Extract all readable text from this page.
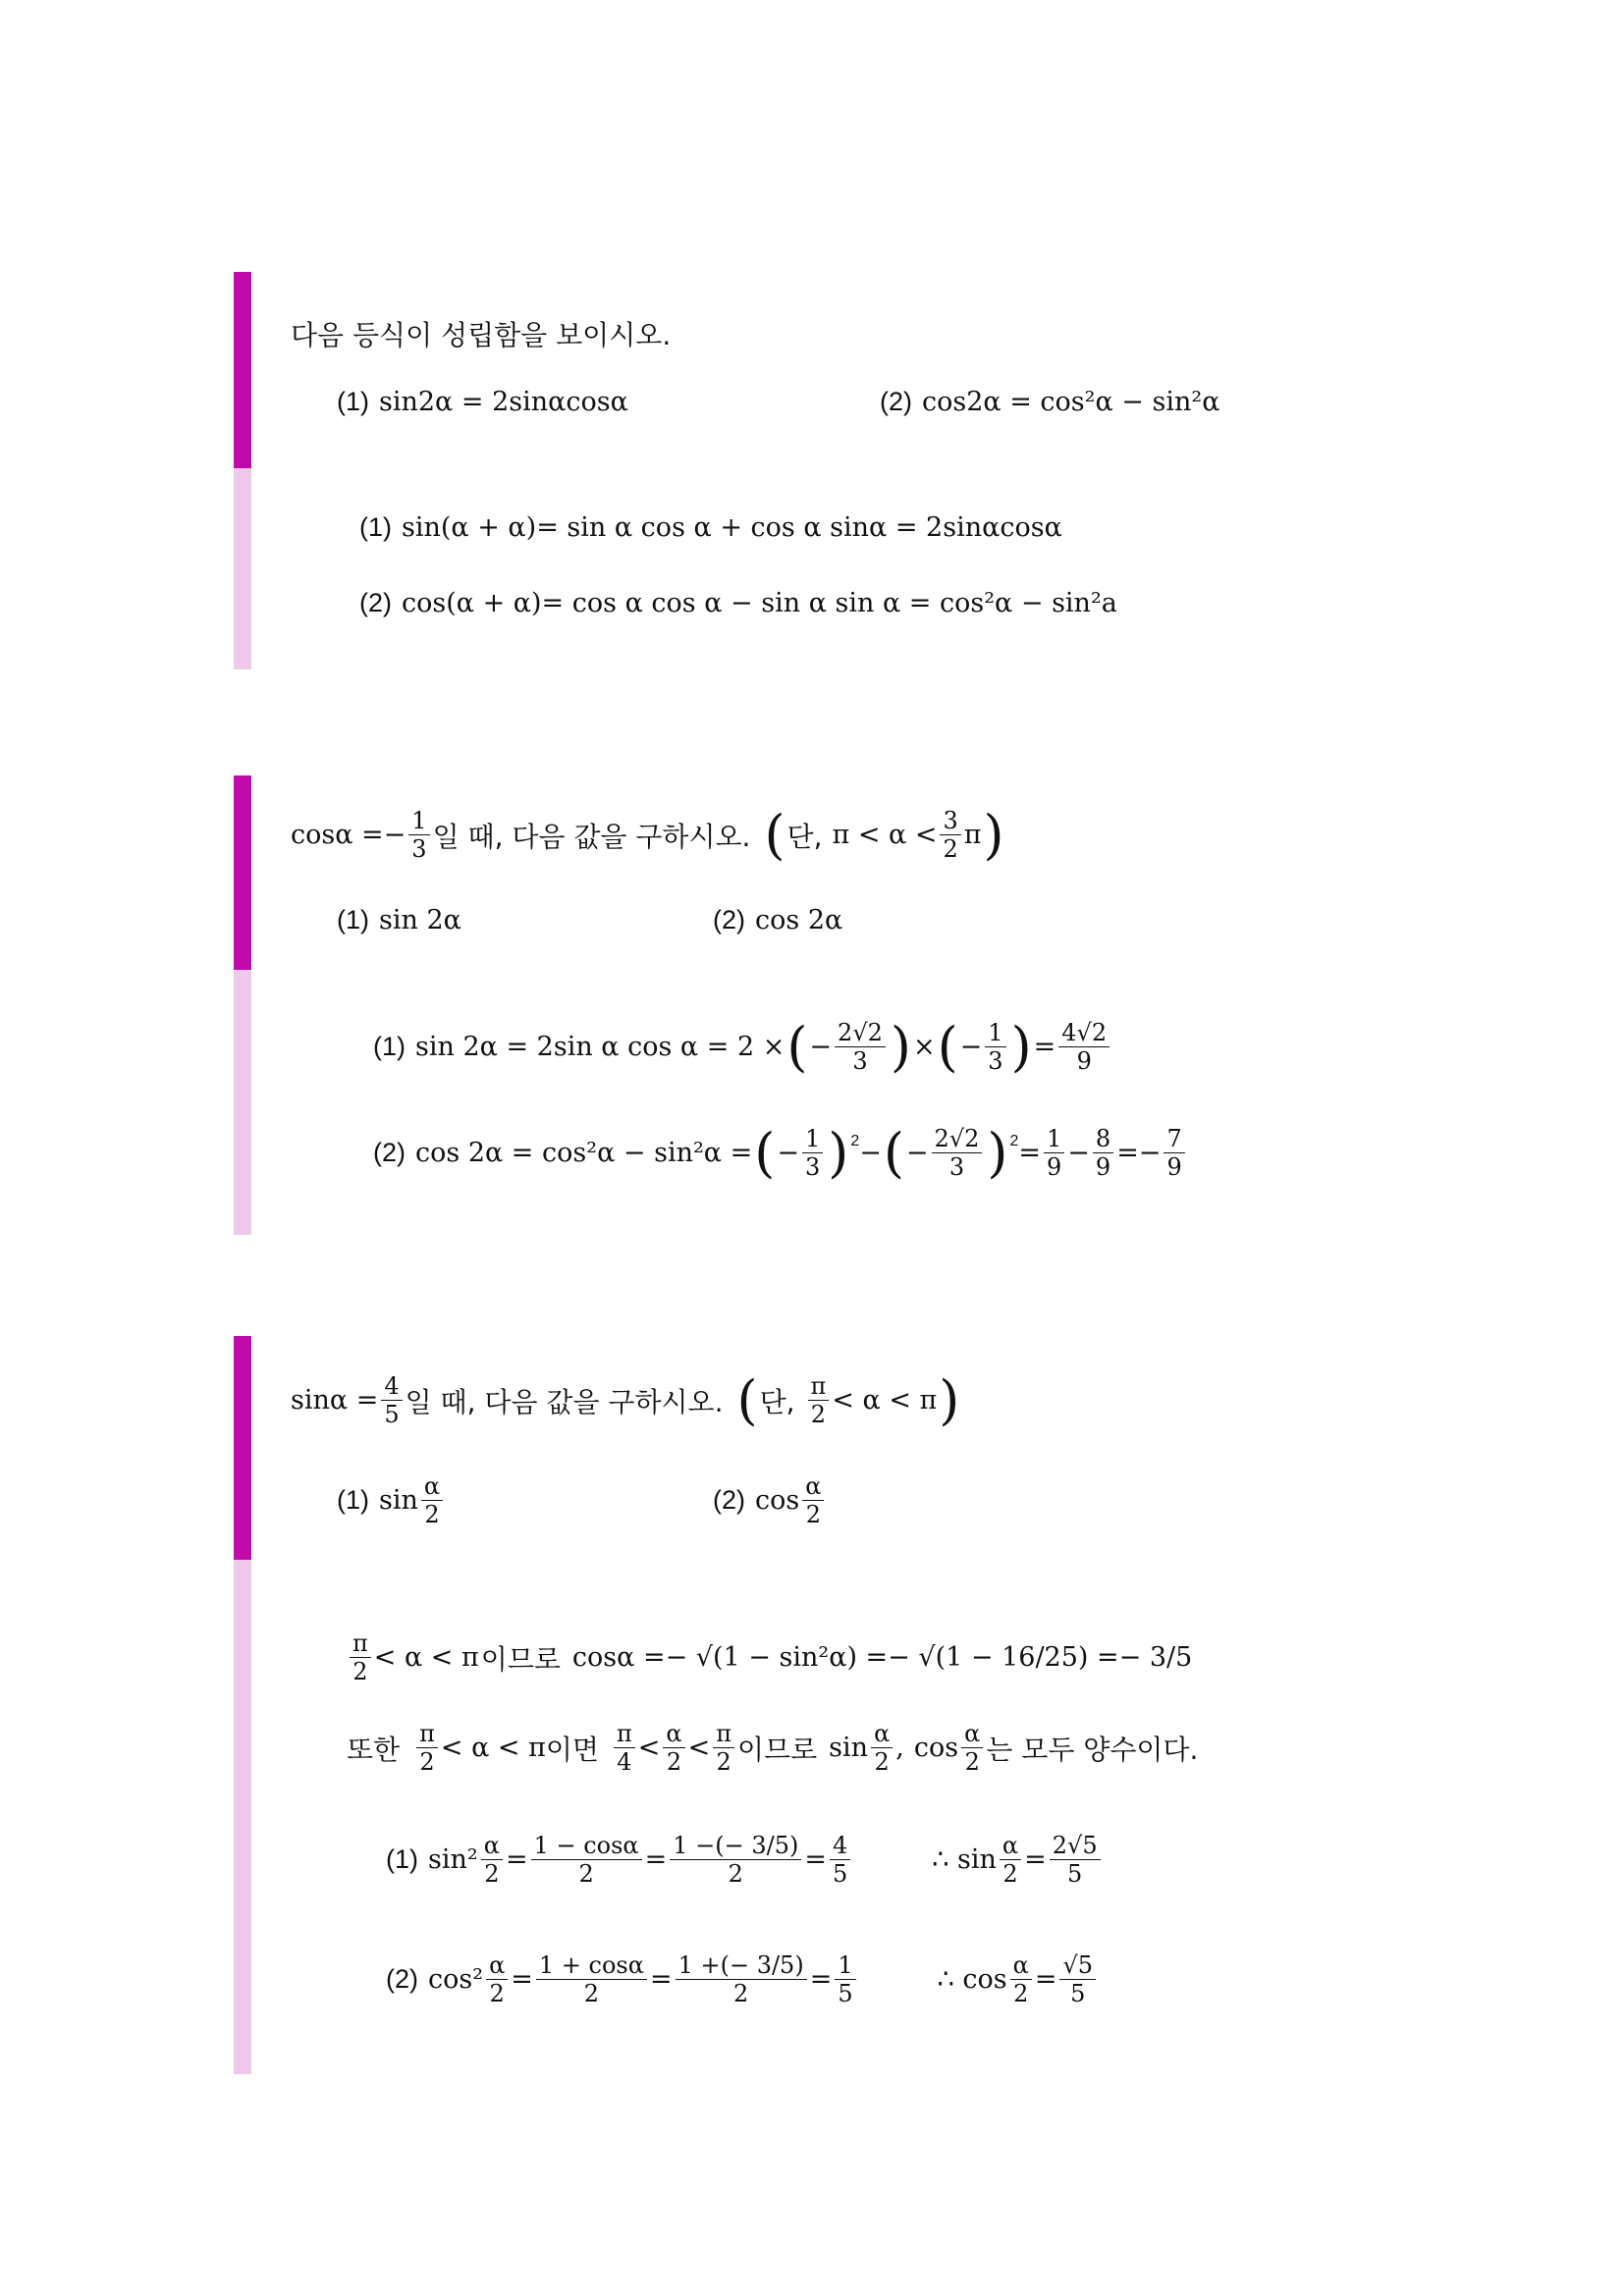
다음 등식이 성립함을 보이시오.
(1) sin2α = 2sinαcosα	(2) cos2α = cos²α − sin²α
(1) sin(α + α)= sin α cos α + cos α sinα = 2sinαcosα
(2) cos(α + α)= cos α cos α − sin α sin α = cos²α − sin²a
$\cos\alpha =- \frac{1}{3}$ 일 때, 다음 값을 구하시오. ( 단, $\pi < \alpha < \frac{3}{2}$ π )
(1) sin 2α	(2) cos 2α
(1) sin 2α = 2sin α cos α = 2 × ( − $\frac{2√2}{3}$ ) × ( − $\frac{1}{3}$ ) = $\frac{4√2}{9}$
(2) cos 2α = cos²α − sin²α = ( − $\frac{1}{3}$ ) 2 − ( − $\frac{2√2}{3}$ ) $2 = \frac{1}{9} - \frac{8}{9} =- \frac{7}{9}$
$\sin\alpha = \frac{4}{5}$ 일 때, 다음 값을 구하시오. ( 단, $\frac{\pi}{2} < \alpha < \pi$ )
(1) $\sin \frac{\alpha}{2}$	(2) $\cos \frac{\alpha}{2}$
$\frac{\pi}{2} < \alpha < \pi$ 이므로 cosα =− √(1 − sin²α) =− √(1 − 16/25) =− 3/5
또한 $\frac{\pi}{2} < \alpha < \pi$ 이면 $\frac{\pi}{4} < \frac{\alpha}{2} < \frac{\pi}{2}$ 이므로 $\sin \frac{\alpha}{2}$ , $\cos \frac{\alpha}{2}$ 는 모두 양수이다.
(1) $\sin^2 \frac{\alpha}{2} = \frac{1 - \cos\alpha}{2} = \frac{1 -(- 3/5)}{2} = \frac{4}{5}$	∴ $\sin \frac{\alpha}{2} = \frac{2√5}{5}$
(2) $\cos^2 \frac{\alpha}{2} = \frac{1 + \cos\alpha}{2} = \frac{1 +(- 3/5)}{2} = \frac{1}{5}$	∴ $\cos \frac{\alpha}{2} = \frac{√5}{5}$
